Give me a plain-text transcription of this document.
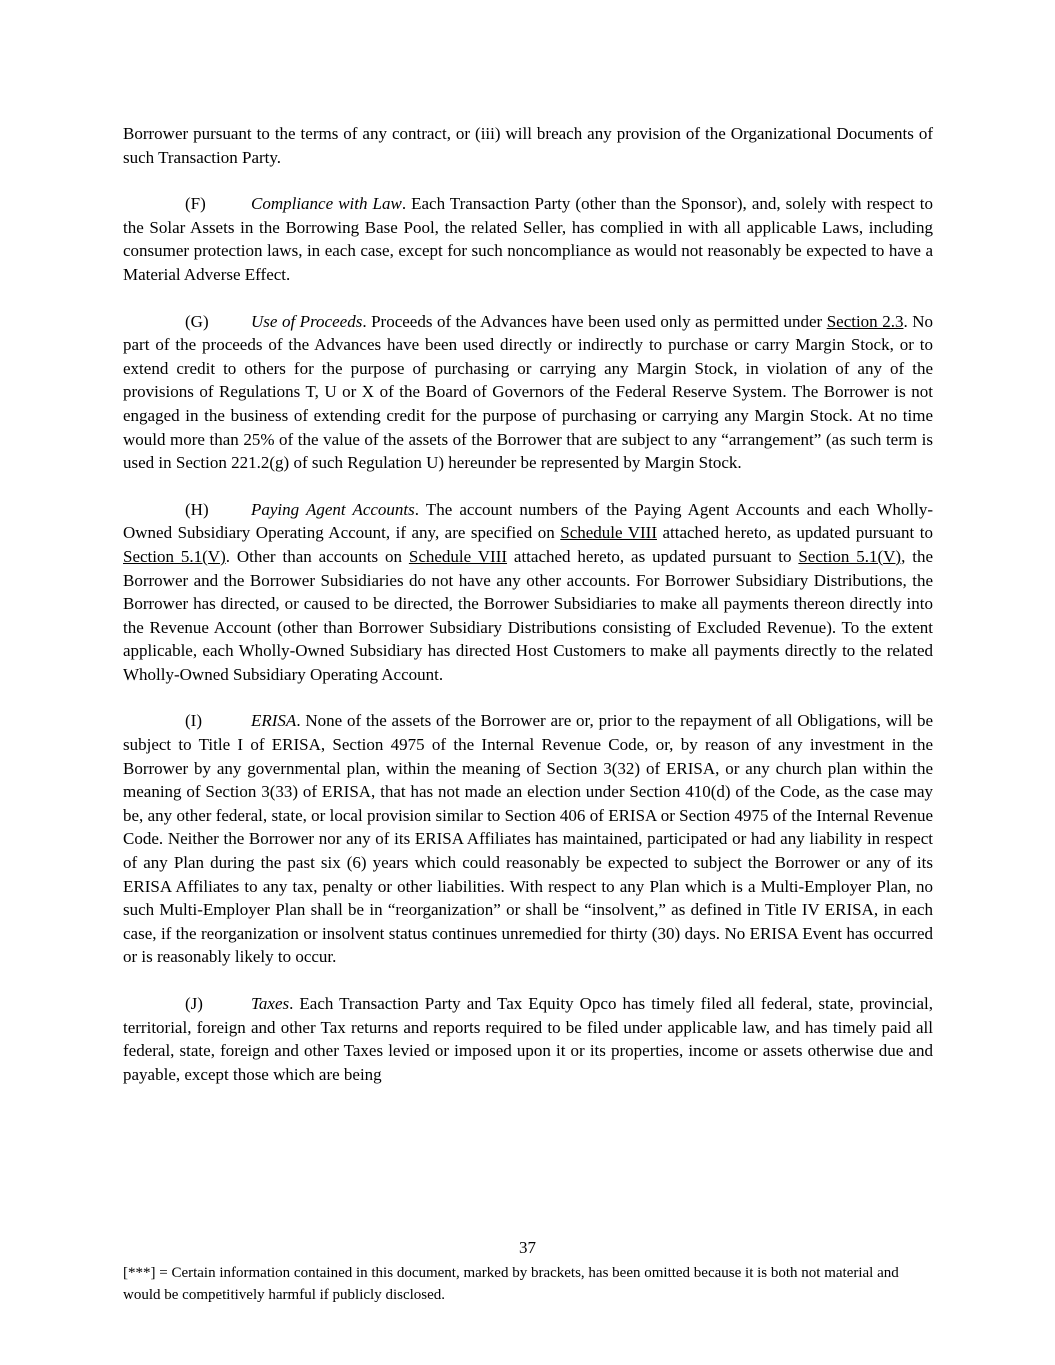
Borrower pursuant to the terms of any contract, or (iii) will breach any provision of the Organizational Documents of such Transaction Party.

(F)	Compliance with Law. Each Transaction Party (other than the Sponsor), and, solely with respect to the Solar Assets in the Borrowing Base Pool, the related Seller, has complied in with all applicable Laws, including consumer protection laws, in each case, except for such noncompliance as would not reasonably be expected to have a Material Adverse Effect.

(G) Use of Proceeds. Proceeds of the Advances have been used only as permitted under Section 2.3. No part of the proceeds of the Advances have been used directly or indirectly to purchase or carry Margin Stock, or to extend credit to others for the purpose of purchasing or carrying any Margin Stock, in violation of any of the provisions of Regulations T, U or X of the Board of Governors of the Federal Reserve System. The Borrower is not engaged in the business of extending credit for the purpose of purchasing or carrying any Margin Stock. At no time would more than 25% of the value of the assets of the Borrower that are subject to any “arrangement” (as such term is used in Section 221.2(g) of such Regulation U) hereunder be represented by Margin Stock.

(H) Paying Agent Accounts. The account numbers of the Paying Agent Accounts and each Wholly-Owned Subsidiary Operating Account, if any, are specified on Schedule VIII attached hereto, as updated pursuant to Section 5.1(V). Other than accounts on Schedule VIII attached hereto, as updated pursuant to Section 5.1(V), the Borrower and the Borrower Subsidiaries do not have any other accounts. For Borrower Subsidiary Distributions, the Borrower has directed, or caused to be directed, the Borrower Subsidiaries to make all payments thereon directly into the Revenue Account (other than Borrower Subsidiary Distributions consisting of Excluded Revenue). To the extent applicable, each Wholly-Owned Subsidiary has directed Host Customers to make all payments directly to the related Wholly-Owned Subsidiary Operating Account.

(I)	ERISA. None of the assets of the Borrower are or, prior to the repayment of all Obligations, will be subject to Title I of ERISA, Section 4975 of the Internal Revenue Code, or, by reason of any investment in the Borrower by any governmental plan, within the meaning of Section 3(32) of ERISA, or any church plan within the meaning of Section 3(33) of ERISA, that has not made an election under Section 410(d) of the Code, as the case may be, any other federal, state, or local provision similar to Section 406 of ERISA or Section 4975 of the Internal Revenue Code. Neither the Borrower nor any of its ERISA Affiliates has maintained, participated or had any liability in respect of any Plan during the past six (6) years which could reasonably be expected to subject the Borrower or any of its ERISA Affiliates to any tax, penalty or other liabilities. With respect to any Plan which is a Multi-Employer Plan, no such Multi-Employer Plan shall be in “reorganization” or shall be “insolvent,” as defined in Title IV ERISA, in each case, if the reorganization or insolvent status continues unremedied for thirty (30) days. No ERISA Event has occurred or is reasonably likely to occur.

(J)	Taxes. Each Transaction Party and Tax Equity Opco has timely filed all federal, state, provincial, territorial, foreign and other Tax returns and reports required to be filed under applicable law, and has timely paid all federal, state, foreign and other Taxes levied or imposed upon it or its properties, income or assets otherwise due and payable, except those which are being

37
[***] = Certain information contained in this document, marked by brackets, has been omitted because it is both not material and would be competitively harmful if publicly disclosed.
